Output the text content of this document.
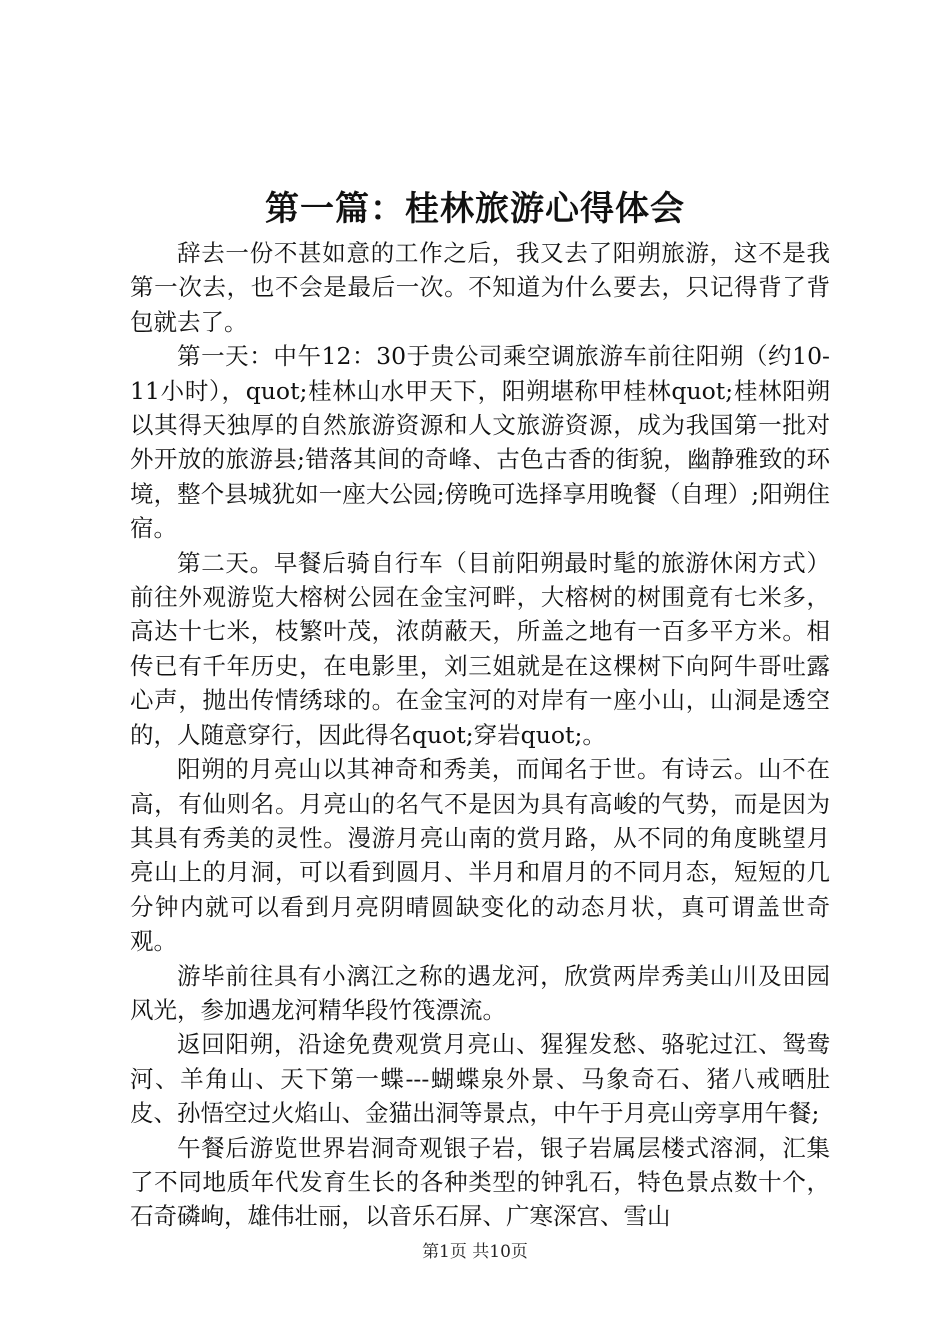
第一篇：桂林旅游心得体会

辞去一份不甚如意的工作之后，我又去了阳朔旅游，这不是我第一次去，也不会是最后一次。不知道为什么要去，只记得背了背包就去了。

第一天：中午12：30于贵公司乘空调旅游车前往阳朔（约10-11小时），quot;桂林山水甲天下，阳朔堪称甲桂林quot;桂林阳朔以其得天独厚的自然旅游资源和人文旅游资源，成为我国第一批对外开放的旅游县;错落其间的奇峰、古色古香的街貌，幽静雅致的环境，整个县城犹如一座大公园;傍晚可选择享用晚餐（自理）;阳朔住宿。

第二天。早餐后骑自行车（目前阳朔最时髦的旅游休闲方式）前往外观游览大榕树公园在金宝河畔，大榕树的树围竟有七米多，高达十七米，枝繁叶茂，浓荫蔽天，所盖之地有一百多平方米。相传已有千年历史，在电影里，刘三姐就是在这棵树下向阿牛哥吐露心声，抛出传情绣球的。在金宝河的对岸有一座小山，山洞是透空的，人随意穿行，因此得名quot;穿岩quot;。

阳朔的月亮山以其神奇和秀美，而闻名于世。有诗云。山不在高，有仙则名。月亮山的名气不是因为具有高峻的气势，而是因为其具有秀美的灵性。漫游月亮山南的赏月路，从不同的角度眺望月亮山上的月洞，可以看到圆月、半月和眉月的不同月态，短短的几分钟内就可以看到月亮阴晴圆缺变化的动态月状，真可谓盖世奇观。

游毕前往具有小漓江之称的遇龙河，欣赏两岸秀美山川及田园风光，参加遇龙河精华段竹筏漂流。

返回阳朔，沿途免费观赏月亮山、猩猩发愁、骆驼过江、鸳鸯河、羊角山、天下第一蝶---蝴蝶泉外景、马象奇石、猪八戒晒肚皮、孙悟空过火焰山、金猫出洞等景点，中午于月亮山旁享用午餐;

午餐后游览世界岩洞奇观银子岩，银子岩属层楼式溶洞，汇集了不同地质年代发育生长的各种类型的钟乳石，特色景点数十个，石奇磷峋，雄伟壮丽，以音乐石屏、广寒深宫、雪山

第1页 共10页
